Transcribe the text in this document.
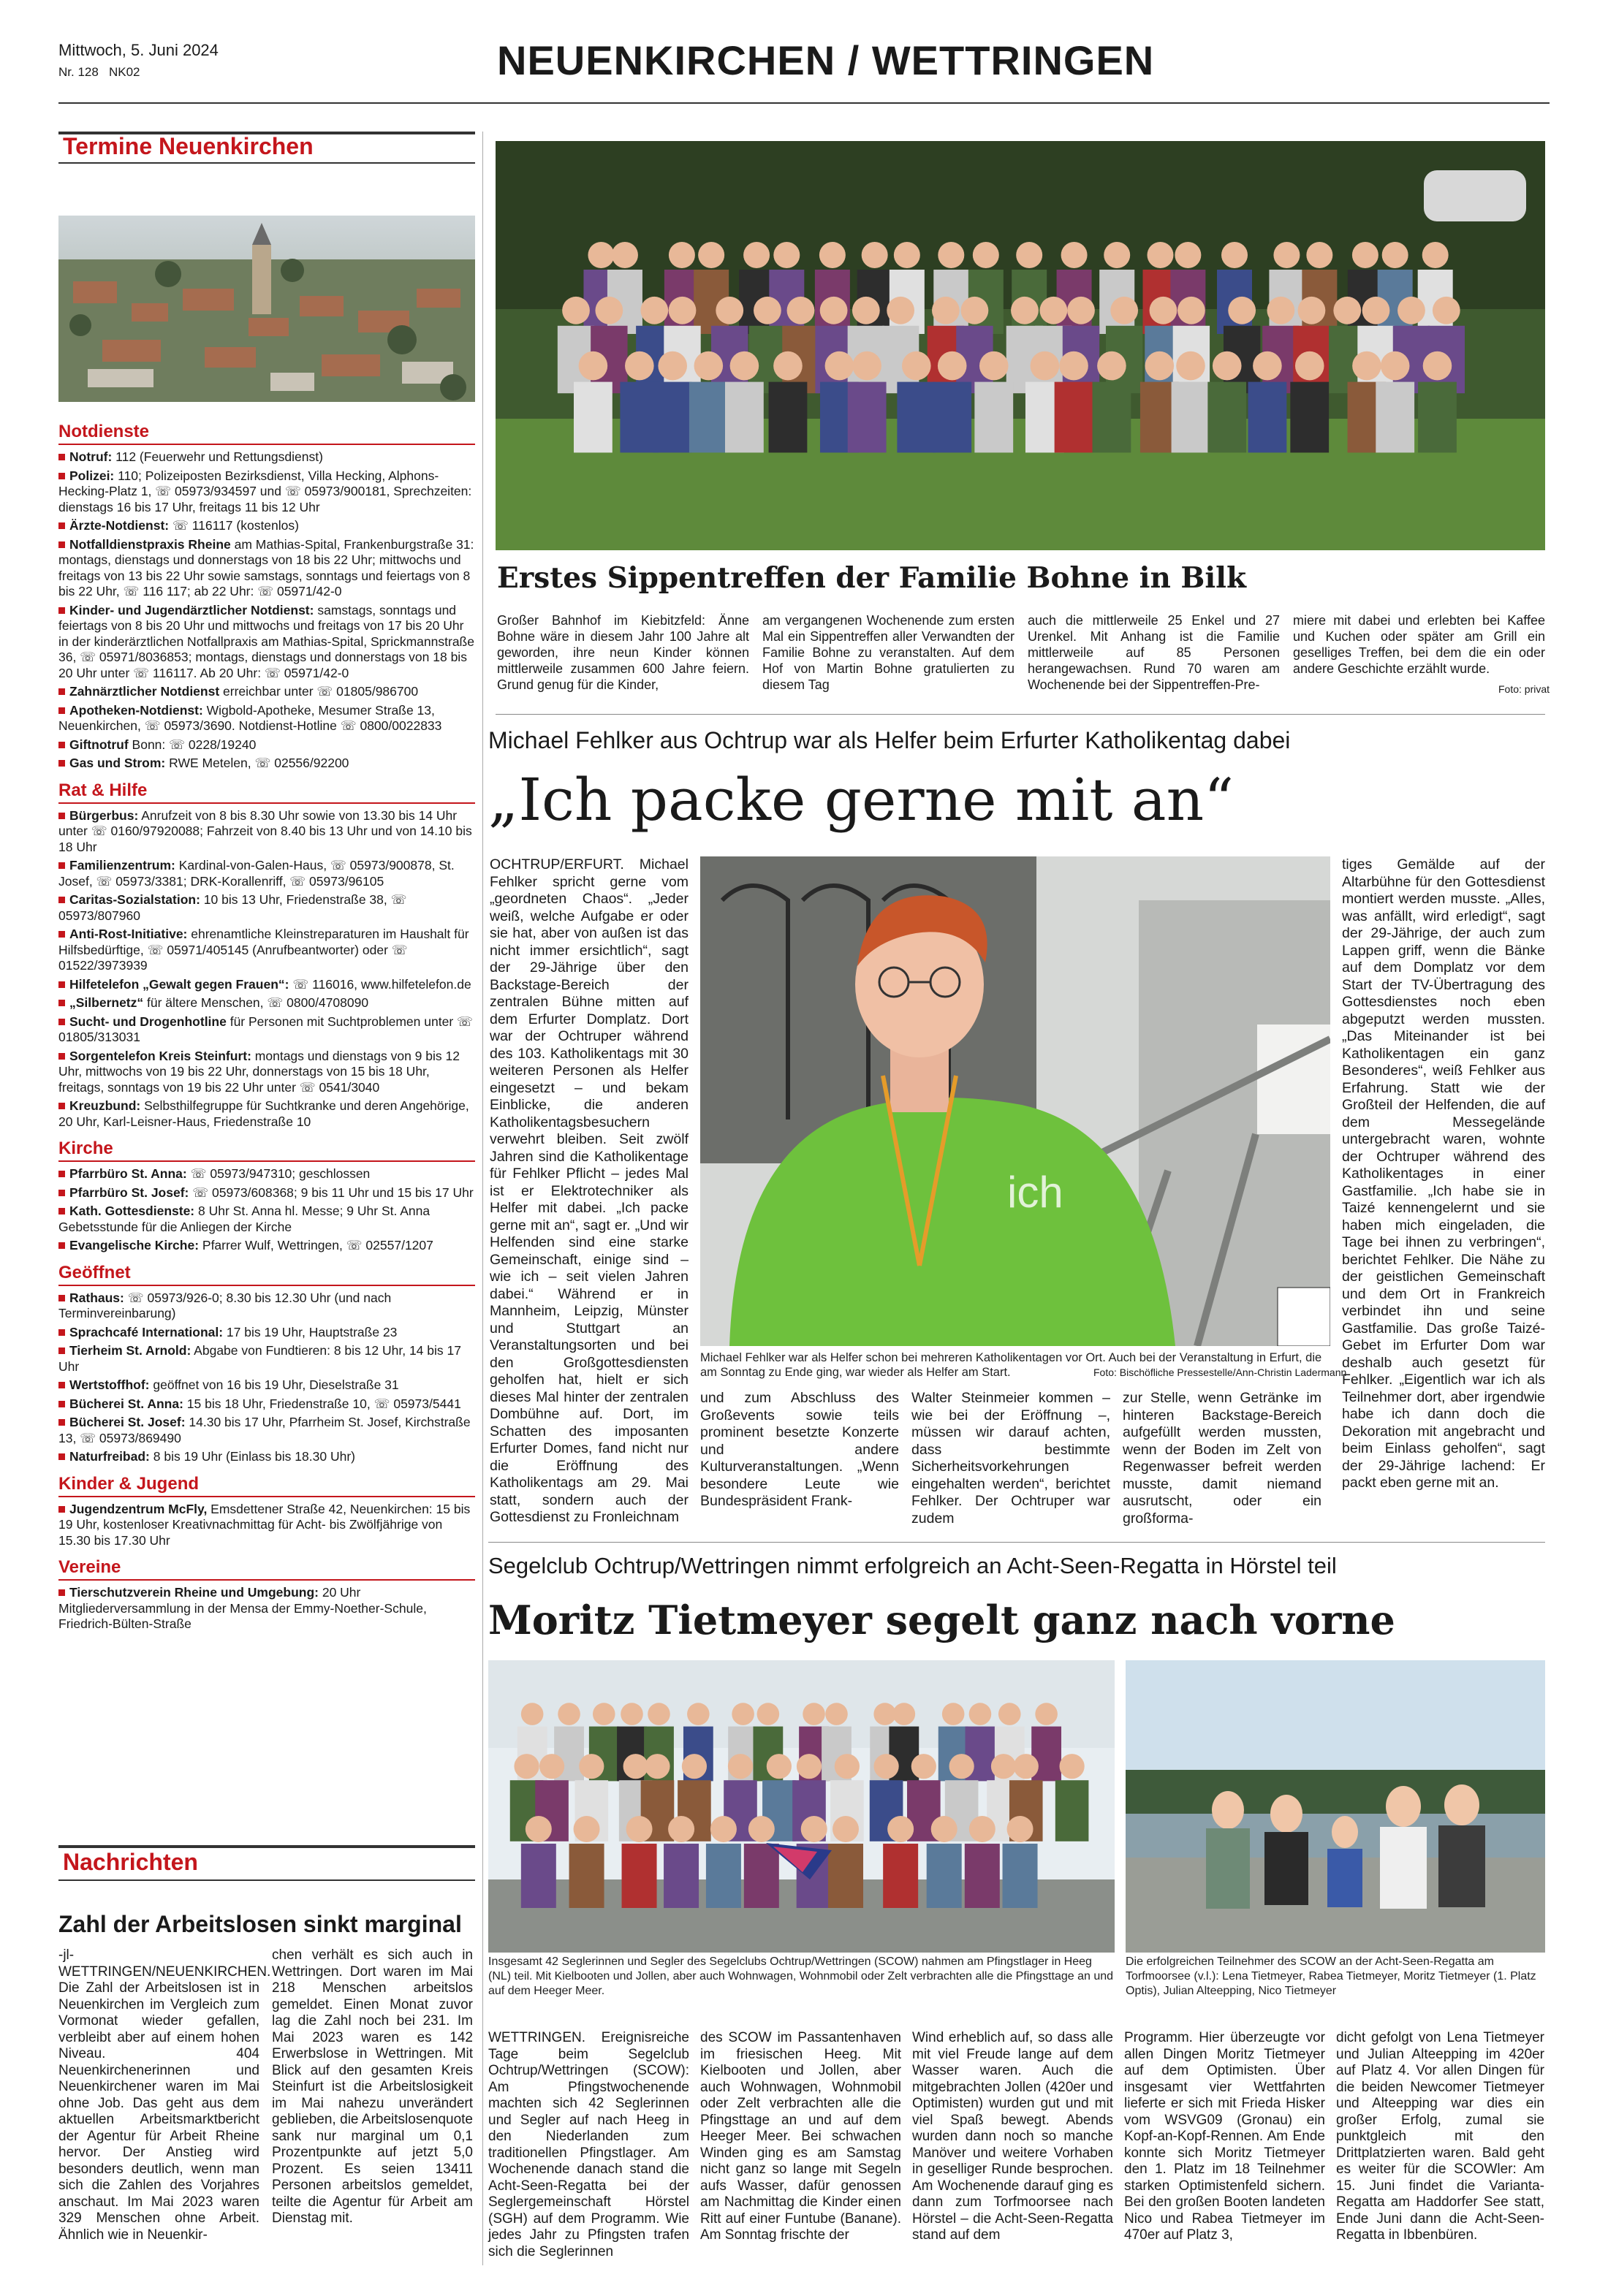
Mittwoch, 5. Juni 2024
Nr. 128 NK02	NEUENKIRCHEN / WETTRINGEN
Termine Neuenkirchen
Notdienste
Notruf: 112 (Feuerwehr und Rettungsdienst)
Polizei: 110; Polizeiposten Bezirksdienst, Villa Hecking, Alphons-Hecking-Platz 1, ☏ 05973/934597 und ☏ 05973/900181, Sprechzeiten: dienstags 16 bis 17 Uhr, freitags 11 bis 12 Uhr
Ärzte-Notdienst: ☏ 116117 (kostenlos)
Notfalldienstpraxis Rheine am Mathias-Spital, Frankenburgstraße 31: montags, dienstags und donnerstags von 18 bis 22 Uhr; mittwochs und freitags von 13 bis 22 Uhr sowie samstags, sonntags und feiertags von 8 bis 22 Uhr, ☏ 116 117; ab 22 Uhr: ☏ 05971/42-0
Kinder- und Jugendärztlicher Notdienst: samstags, sonntags und feiertags von 8 bis 20 Uhr und mittwochs und freitags von 17 bis 20 Uhr in der kinderärztlichen Notfallpraxis am Mathias-Spital, Sprickmannstraße 36, ☏ 05971/8036853; montags, dienstags und donnerstags von 18 bis 20 Uhr unter ☏ 116117. Ab 20 Uhr: ☏ 05971/42-0
Zahnärztlicher Notdienst erreichbar unter ☏ 01805/986700
Apotheken-Notdienst: Wigbold-Apotheke, Mesumer Straße 13, Neuenkirchen, ☏ 05973/3690. Notdienst-Hotline ☏ 0800/0022833
Giftnotruf Bonn: ☏ 0228/19240
Gas und Strom: RWE Metelen, ☏ 02556/92200
Rat & Hilfe
Bürgerbus: Anrufzeit von 8 bis 8.30 Uhr sowie von 13.30 bis 14 Uhr unter ☏ 0160/97920088; Fahrzeit von 8.40 bis 13 Uhr und von 14.10 bis 18 Uhr
Familienzentrum: Kardinal-von-Galen-Haus, ☏ 05973/900878, St. Josef, ☏ 05973/3381; DRK-Korallenriff, ☏ 05973/96105
Caritas-Sozialstation: 10 bis 13 Uhr, Friedenstraße 38, ☏ 05973/807960
Anti-Rost-Initiative: ehrenamtliche Kleinstreparaturen im Haushalt für Hilfsbedürftige, ☏ 05971/405145 (Anrufbeantworter) oder ☏ 01522/3973939
Hilfetelefon „Gewalt gegen Frauen“: ☏ 116016, www.hilfetelefon.de
„Silbernetz“ für ältere Menschen, ☏ 0800/4708090
Sucht- und Drogenhotline für Personen mit Suchtproblemen unter ☏ 01805/313031
Sorgentelefon Kreis Steinfurt: montags und dienstags von 9 bis 12 Uhr, mittwochs von 19 bis 22 Uhr, donnerstags von 15 bis 18 Uhr, freitags, sonntags von 19 bis 22 Uhr unter ☏ 0541/3040
Kreuzbund: Selbsthilfegruppe für Suchtkranke und deren Angehörige, 20 Uhr, Karl-Leisner-Haus, Friedenstraße 10
Kirche
Pfarrbüro St. Anna: ☏ 05973/947310; geschlossen
Pfarrbüro St. Josef: ☏ 05973/608368; 9 bis 11 Uhr und 15 bis 17 Uhr
Kath. Gottesdienste: 8 Uhr St. Anna hl. Messe; 9 Uhr St. Anna Gebetsstunde für die Anliegen der Kirche
Evangelische Kirche: Pfarrer Wulf, Wettringen, ☏ 02557/1207
Geöffnet
Rathaus: ☏ 05973/926-0; 8.30 bis 12.30 Uhr (und nach Terminvereinbarung)
Sprachcafé International: 17 bis 19 Uhr, Hauptstraße 23
Tierheim St. Arnold: Abgabe von Fundtieren: 8 bis 12 Uhr, 14 bis 17 Uhr
Wertstoffhof: geöffnet von 16 bis 19 Uhr, Dieselstraße 31
Bücherei St. Anna: 15 bis 18 Uhr, Friedenstraße 10, ☏ 05973/5441
Bücherei St. Josef: 14.30 bis 17 Uhr, Pfarrheim St. Josef, Kirchstraße 13, ☏ 05973/869490
Naturfreibad: 8 bis 19 Uhr (Einlass bis 18.30 Uhr)
Kinder & Jugend
Jugendzentrum McFly, Emsdettener Straße 42, Neuenkirchen: 15 bis 19 Uhr, kostenloser Kreativnachmittag für Acht- bis Zwölfjährige von 15.30 bis 17.30 Uhr
Vereine
Tierschutzverein Rheine und Umgebung: 20 Uhr Mitgliederversammlung in der Mensa der Emmy-Noether-Schule, Friedrich-Bülten-Straße
Nachrichten
Zahl der Arbeitslosen sinkt marginal
-jl- WETTRINGEN/NEUENKIRCHEN. Die Zahl der Arbeitslosen ist in Neuenkirchen im Vergleich zum Vormonat wieder gefallen, verbleibt aber auf einem hohen Niveau. 404 Neuenkirchenerinnen und Neuenkirchener waren im Mai ohne Job. Das geht aus dem aktuellen Arbeitsmarktbericht der Agentur für Arbeit Rheine hervor. Der Anstieg wird besonders deutlich, wenn man sich die Zahlen des Vorjahres anschaut. Im Mai 2023 waren 329 Menschen ohne Arbeit. Ähnlich wie in Neuenkir-
chen verhält es sich auch in Wettringen. Dort waren im Mai 218 Menschen arbeitslos gemeldet. Einen Monat zuvor lag die Zahl noch bei 231. Im Mai 2023 waren es 142 Erwerbslose in Wettringen. Mit Blick auf den gesamten Kreis Steinfurt ist die Arbeitslosigkeit im Mai nahezu unverändert geblieben, die Arbeitslosenquote sank nur marginal um 0,1 Prozentpunkte auf jetzt 5,0 Prozent. Es seien 13411 Personen arbeitslos gemeldet, teilte die Agentur für Arbeit am Dienstag mit.
Erstes Sippentreffen der Familie Bohne in Bilk
Großer Bahnhof im Kiebitzfeld: Änne Bohne wäre in diesem Jahr 100 Jahre alt geworden, ihre neun Kinder können mittlerweile zusammen 600 Jahre feiern. Grund genug für die Kinder,
am vergangenen Wochenende zum ersten Mal ein Sippentreffen aller Verwandten der Familie Bohne zu veranstalten. Auf dem Hof von Martin Bohne gratulierten zu diesem Tag
auch die mittlerweile 25 Enkel und 27 Urenkel. Mit Anhang ist die Familie mittlerweile auf 85 Personen herangewachsen. Rund 70 waren am Wochenende bei der Sippentreffen-Pre-
miere mit dabei und erlebten bei Kaffee und Kuchen oder später am Grill ein geselliges Treffen, bei dem die ein oder andere Geschichte erzählt wurde.
Foto: privat
Michael Fehlker aus Ochtrup war als Helfer beim Erfurter Katholikentag dabei
„Ich packe gerne mit an“
OCHTRUP/ERFURT. Michael Fehlker spricht gerne vom „geordneten Chaos“. „Jeder weiß, welche Aufgabe er oder sie hat, aber von außen ist das nicht immer ersichtlich“, sagt der 29-Jährige über den Backstage-Bereich der zentralen Bühne mitten auf dem Erfurter Domplatz. Dort war der Ochtruper während des 103. Katholikentags mit 30 weiteren Personen als Helfer eingesetzt – und bekam Einblicke, die anderen Katholikentagsbesuchern verwehrt bleiben. Seit zwölf Jahren sind die Katholikentage für Fehlker Pflicht – jedes Mal ist er Elektrotechniker als Helfer mit dabei. „Ich packe gerne mit an“, sagt er. „Und wir Helfenden sind eine starke Gemeinschaft, einige sind – wie ich – seit vielen Jahren dabei.“ Während er in Mannheim, Leipzig, Münster und Stuttgart an Veranstaltungsorten und bei den Großgottesdiensten geholfen hat, hielt er sich dieses Mal hinter der zentralen Dombühne auf. Dort, im Schatten des imposanten Erfurter Domes, fand nicht nur die Eröffnung des Katholikentags am 29. Mai statt, sondern auch der Gottesdienst zu Fronleichnam
ich
Michael Fehlker war als Helfer schon bei mehreren Katholikentagen vor Ort. Auch bei der Veranstaltung in Erfurt, die am Sonntag zu Ende ging, war wieder als Helfer am Start.	Foto: Bischöfliche Pressestelle/Ann-Christin Ladermann
und zum Abschluss des Großevents sowie teils prominent besetzte Konzerte und andere Kulturveranstaltungen. „Wenn besondere Leute wie Bundespräsident Frank-
Walter Steinmeier kommen – wie bei der Eröffnung –, müssen wir darauf achten, dass bestimmte Sicherheitsvorkehrungen eingehalten werden“, berichtet Fehlker. Der Ochtruper war zudem
zur Stelle, wenn Getränke im hinteren Backstage-Bereich aufgefüllt werden mussten, wenn der Boden im Zelt von Regenwasser befreit werden musste, damit niemand ausrutscht, oder ein großforma-
tiges Gemälde auf der Altarbühne für den Gottesdienst montiert werden musste. „Alles, was anfällt, wird erledigt“, sagt der 29-Jährige, der auch zum Lappen griff, wenn die Bänke auf dem Domplatz vor dem Start der TV-Übertragung des Gottesdienstes noch eben abgeputzt werden mussten. „Das Miteinander ist bei Katholikentagen ein ganz Besonderes“, weiß Fehlker aus Erfahrung. Statt wie der Großteil der Helfenden, die auf dem Messegelände untergebracht waren, wohnte der Ochtruper während des Katholikentages in einer Gastfamilie. „Ich habe sie in Taizé kennengelernt und sie haben mich eingeladen, die Tage bei ihnen zu verbringen“, berichtet Fehlker. Die Nähe zu der geistlichen Gemeinschaft und dem Ort in Frankreich verbindet ihn und seine Gastfamilie. Das große Taizé-Gebet im Erfurter Dom war deshalb auch gesetzt für Fehlker. „Eigentlich war ich als Teilnehmer dort, aber irgendwie habe ich dann doch die Dekoration mit angebracht und beim Einlass geholfen“, sagt der 29-Jährige lachend: Er packt eben gerne mit an.
Segelclub Ochtrup/Wettringen nimmt erfolgreich an Acht-Seen-Regatta in Hörstel teil
Moritz Tietmeyer segelt ganz nach vorne
Insgesamt 42 Seglerinnen und Segler des Segelclubs Ochtrup/Wettringen (SCOW) nahmen am Pfingstlager in Heeg (NL) teil. Mit Kielbooten und Jollen, aber auch Wohnwagen, Wohnmobil oder Zelt verbrachten alle die Pfingsttage an und auf dem Heeger Meer.
Die erfolgreichen Teilnehmer des SCOW an der Acht-Seen-Regatta am Torfmoorsee (v.l.): Lena Tietmeyer, Rabea Tietmeyer, Moritz Tietmeyer (1. Platz Optis), Julian Alteepping, Nico Tietmeyer
WETTRINGEN. Ereignisreiche Tage beim Segelclub Ochtrup/Wettringen (SCOW): Am Pfingstwochenende machten sich 42 Seglerinnen und Segler auf nach Heeg in den Niederlanden zum traditionellen Pfingstlager. Am Wochenende danach stand die Acht-Seen-Regatta bei der Seglergemeinschaft Hörstel (SGH) auf dem Programm. Wie jedes Jahr zu Pfingsten trafen sich die Seglerinnen
des SCOW im Passantenhaven im friesischen Heeg. Mit Kielbooten und Jollen, aber auch Wohnwagen, Wohnmobil oder Zelt verbrachten alle die Pfingsttage an und auf dem Heeger Meer. Bei schwachen Winden ging es am Samstag nicht ganz so lange mit Segeln aufs Wasser, dafür genossen am Nachmittag die Kinder einen Ritt auf einer Funtube (Banane). Am Sonntag frischte der
Wind erheblich auf, so dass alle mit viel Freude lange auf dem Wasser waren. Auch die mitgebrachten Jollen (420er und Optimisten) wurden gut und mit viel Spaß bewegt. Abends wurden dann noch so manche Manöver und weitere Vorhaben in geselliger Runde besprochen. Am Wochenende darauf ging es dann zum Torfmoorsee nach Hörstel – die Acht-Seen-Regatta stand auf dem
Programm. Hier überzeugte vor allen Dingen Moritz Tietmeyer auf dem Optimisten. Über insgesamt vier Wettfahrten lieferte er sich mit Frieda Hisker vom WSVG09 (Gronau) ein Kopf-an-Kopf-Rennen. Am Ende konnte sich Moritz Tietmeyer den 1. Platz im 18 Teilnehmer starken Optimistenfeld sichern. Bei den großen Booten landeten Nico und Rabea Tietmeyer im 470er auf Platz 3,
dicht gefolgt von Lena Tietmeyer und Julian Alteepping im 420er auf Platz 4. Vor allen Dingen für die beiden Newcomer Tietmeyer und Alteepping war dies ein großer Erfolg, zumal sie punktgleich mit den Drittplatzierten waren. Bald geht es weiter für die SCOWler: Am 15. Juni findet die Varianta-Regatta am Haddorfer See statt, Ende Juni dann die Acht-Seen-Regatta in Ibbenbüren.
